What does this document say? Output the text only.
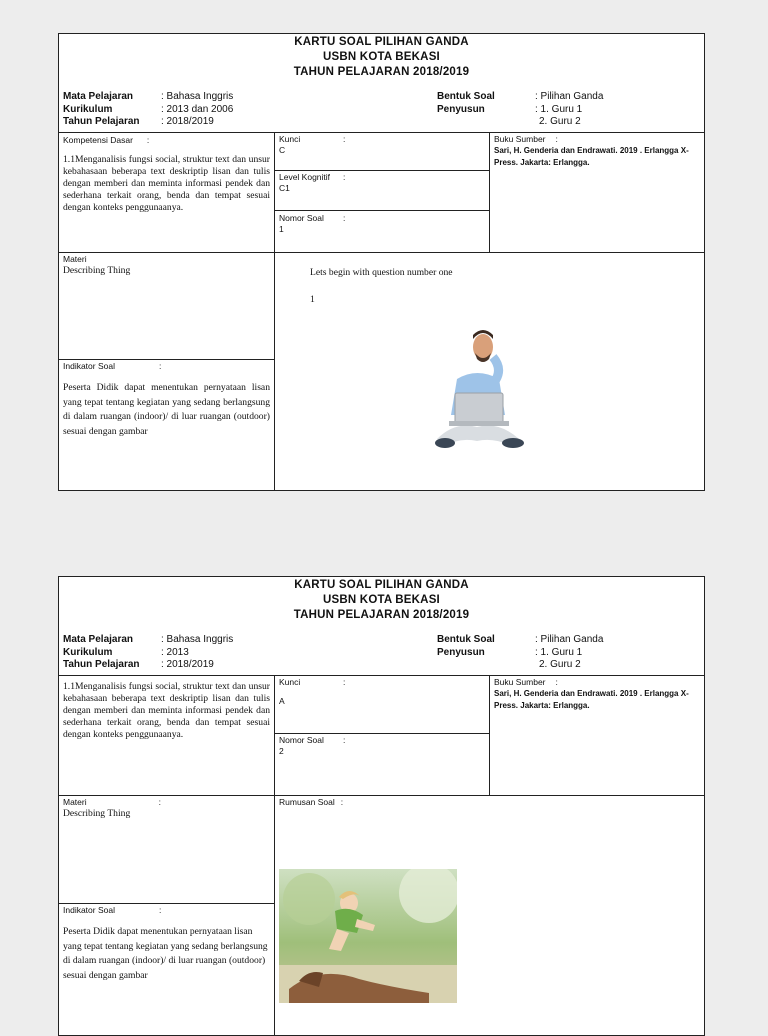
KARTU SOAL PILIHAN GANDA
USBN KOTA BEKASI
TAHUN PELAJARAN 2018/2019
Mata Pelajaran	: Bahasa Inggris
Kurikulum	: 2013 dan 2006
Tahun Pelajaran : 2018/2019
Bentuk Soal	: Pilihan Ganda
Penyusun	: 1. Guru 1
2. Guru 2
Kompetensi Dasar :
1.1Menganalisis fungsi social, struktur text dan unsur kebahasaan beberapa text deskriptip lisan dan tulis dengan memberi dan meminta informasi pendek dan sederhana terkait orang, benda dan tempat sesuai dengan konteks penggunaanya.
Kunci	:
C
Level Kognitif :
C1
Nomor Soal :
1
Buku Sumber :
Sari, H. Genderia dan Endrawati. 2019 . Erlangga X-Press. Jakarta: Erlangga.
Materi
Describing Thing
Indikator Soal	:
Peserta Didik dapat menentukan pernyataan lisan yang tepat tentang kegiatan yang sedang berlangsung di dalam ruangan (indoor)/ di luar ruangan (outdoor) sesuai dengan gambar
Lets begin with question number one
1
KARTU SOAL PILIHAN GANDA
USBN KOTA BEKASI
TAHUN PELAJARAN 2018/2019
Mata Pelajaran	: Bahasa Inggris
Kurikulum	: 2013
Tahun Pelajaran : 2018/2019
Bentuk Soal	: Pilihan Ganda
Penyusun	: 1. Guru 1
2. Guru 2
1.1Menganalisis fungsi social, struktur text dan unsur kebahasaan beberapa text deskriptip lisan dan tulis dengan memberi dan meminta informasi pendek dan sederhana terkait orang, benda dan tempat sesuai dengan konteks penggunaanya.
Kunci	:
A
Nomor Soal :
2
Buku Sumber :
Sari, H. Genderia dan Endrawati. 2019 . Erlangga X-Press. Jakarta: Erlangga.
Materi	:
Describing Thing
Indikator Soal	:
Peserta Didik dapat menentukan pernyataan lisan yang tepat tentang kegiatan yang sedang berlangsung di dalam ruangan (indoor)/ di luar ruangan (outdoor) sesuai dengan gambar
Rumusan Soal :
